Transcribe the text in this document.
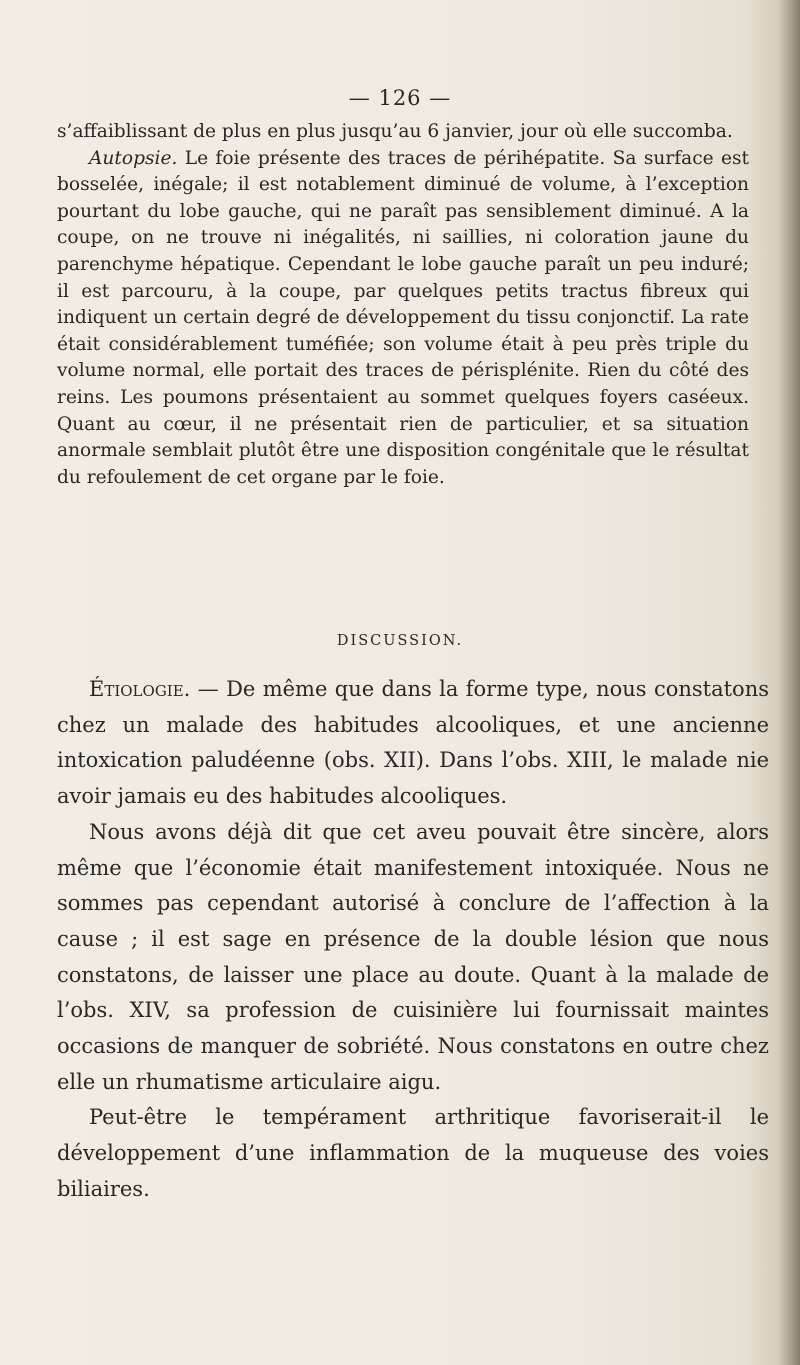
— 126 —

s’affaiblissant de plus en plus jusqu’au 6 janvier, jour où elle succomba.

Autopsie. Le foie présente des traces de périhépatite. Sa surface est bosselée, inégale; il est notablement diminué de volume, à l’exception pourtant du lobe gauche, qui ne paraît pas sensiblement diminué. A la coupe, on ne trouve ni inégalités, ni saillies, ni coloration jaune du parenchyme hépatique. Cependant le lobe gauche paraît un peu induré; il est parcouru, à la coupe, par quelques petits tractus fibreux qui indiquent un certain degré de développement du tissu conjonctif. La rate était considérablement tuméfiée; son volume était à peu près triple du volume normal, elle portait des traces de périsplénite. Rien du côté des reins. Les poumons présentaient au sommet quelques foyers caséeux. Quant au cœur, il ne présentait rien de particulier, et sa situation anormale semblait plutôt être une disposition congénitale que le résultat du refoulement de cet organe par le foie.

DISCUSSION.

Étiologie. — De même que dans la forme type, nous constatons chez un malade des habitudes alcooliques, et une ancienne intoxication paludéenne (obs. XII). Dans l’obs. XIII, le malade nie avoir jamais eu des habitudes alcooliques.

Nous avons déjà dit que cet aveu pouvait être sincère, alors même que l’économie était manifestement intoxiquée. Nous ne sommes pas cependant autorisé à conclure de l’affection à la cause ; il est sage en présence de la double lésion que nous constatons, de laisser une place au doute. Quant à la malade de l’obs. XIV, sa profession de cuisinière lui fournissait maintes occasions de manquer de sobriété. Nous constatons en outre chez elle un rhumatisme articulaire aigu.

Peut-être le tempérament arthritique favoriserait-il le développement d’une inflammation de la muqueuse des voies biliaires.
